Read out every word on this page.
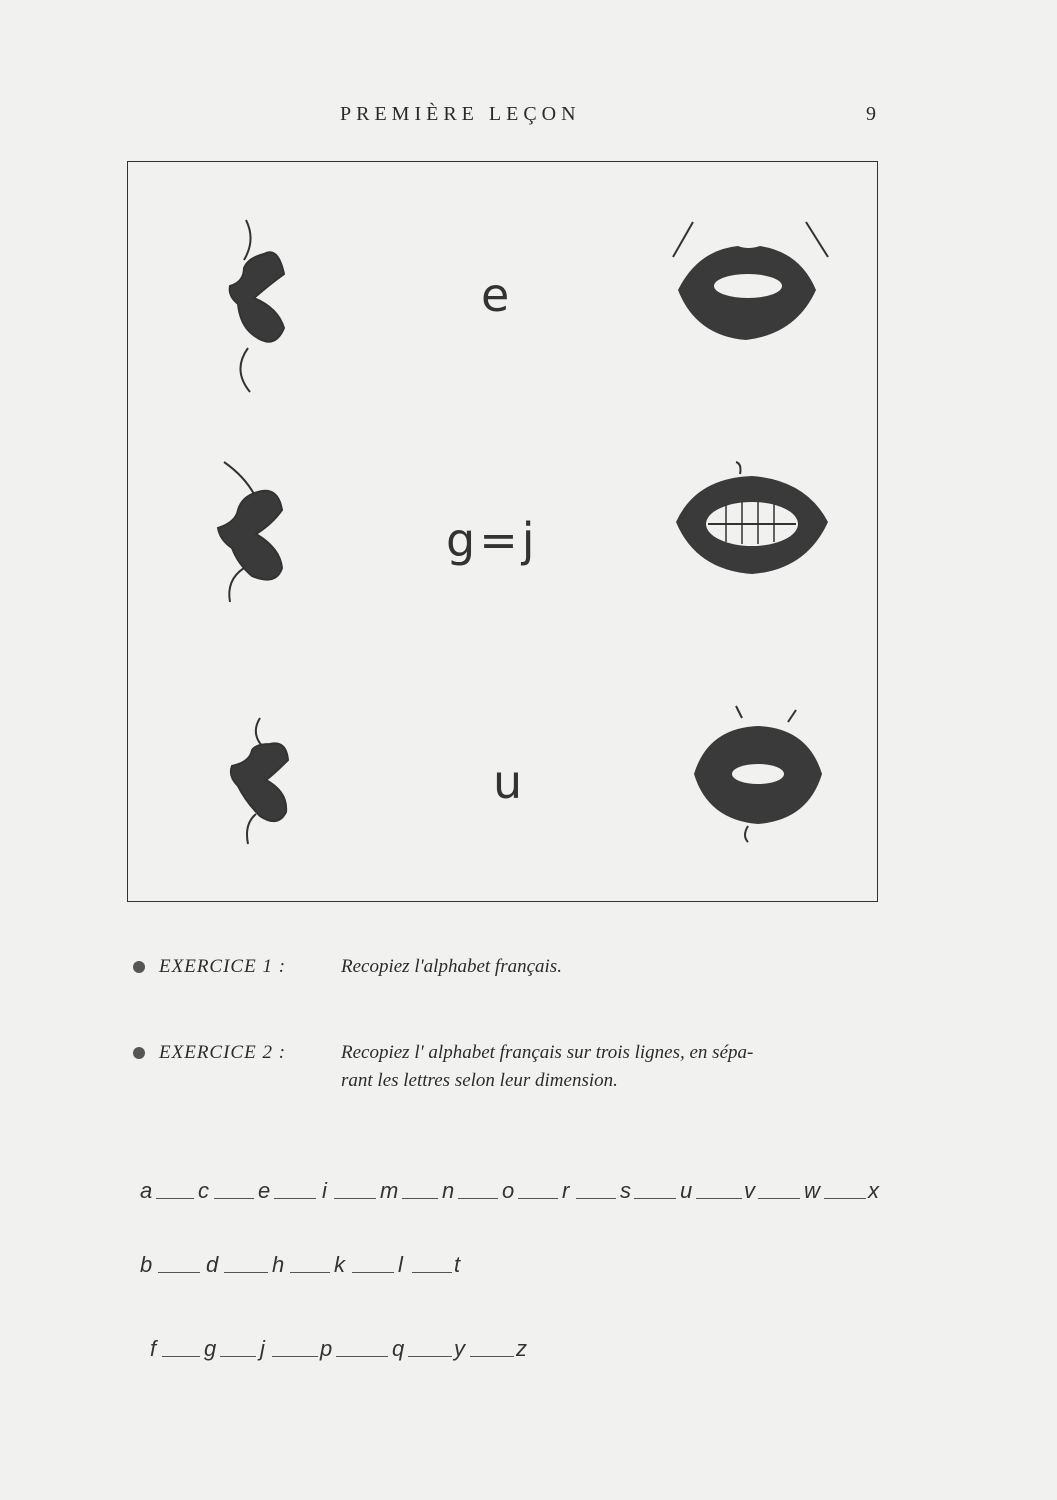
PREMIÈRE LEÇON	9
e
g=j
u
EXERCICE 1 :	Recopiez l'alphabet français.
EXERCICE 2 :	Recopiez l' alphabet français sur trois lignes, en sépa-
rant les lettres selon leur dimension.
a c e i m n o r s u v w x
b d h k l t
f g j	p	q y z
